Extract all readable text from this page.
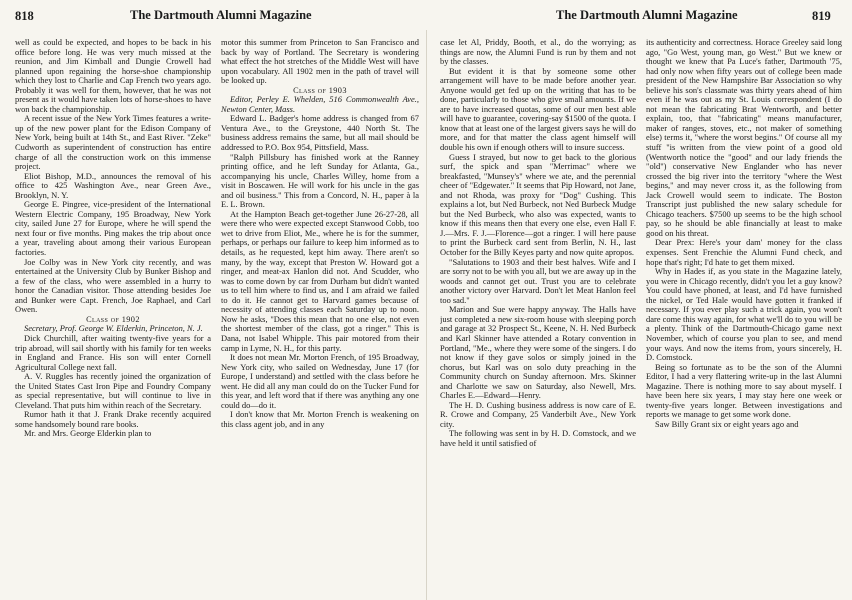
818	The Dartmouth Alumni Magazine

well as could be expected, and hopes to be back in his office before long. He was very much missed at the reunion, and Jim Kimball and Dungie Crowell had planned upon regaining the horse-shoe championship which they lost to Charlie and Cap French two years ago. Probably it was well for them, however, that he was not present as it would have taken lots of horse-shoes to have won back the championship.

A recent issue of the New York Times features a write-up of the new power plant for the Edison Company of New York, being built at 14th St., and East River. "Zeke" Cudworth as superintendent of construction has entire charge of all the construction work on this immense project.

Eliot Bishop, M.D., announces the removal of his office to 425 Washington Ave., near Green Ave., Brooklyn, N. Y.

George E. Pingree, vice-president of the International Western Electric Company, 195 Broadway, New York city, sailed June 27 for Europe, where he will spend the next four or five months. Ping makes the trip about once a year, traveling about among their various European factories.

Joe Colby was in New York city recently, and was entertained at the University Club by Bunker Bishop and a few of the class, who were assembled in a hurry to honor the Canadian visitor. Those attending besides Joe and Bunker were Capt. French, Joe Raphael, and Carl Owen.

Class of 1902

Secretary, Prof. George W. Elderkin, Princeton, N. J.

Dick Churchill, after waiting twenty-five years for a trip abroad, will sail shortly with his family for ten weeks in England and France. His son will enter Cornell Agricultural College next fall.

A. V. Ruggles has recently joined the organization of the United States Cast Iron Pipe and Foundry Company as special representative, but will continue to live in Cleveland. That puts him within reach of the Secretary.

Rumor hath it that J. Frank Drake recently acquired some handsomely bound rare books.

Mr. and Mrs. George Elderkin plan to

motor this summer from Princeton to San Francisco and back by way of Portland. The Secretary is wondering what effect the hot stretches of the Middle West will have upon vocabulary. All 1902 men in the path of travel will be looked up.

Class of 1903

Editor, Perley E. Whelden, 516 Commonwealth Ave., Newton Center, Mass.

Edward L. Badger's home address is changed from 67 Ventura Ave., to the Greystone, 440 North St. The business address remains the same, but all mail should be addressed to P.O. Box 954, Pittsfield, Mass.

"Ralph Pillsbury has finished work at the Ranney printing office, and he left Sunday for Atlanta, Ga., accompanying his uncle, Charles Willey, home from a visit in Boscawen. He will work for his uncle in the gas and oil business." This from a Concord, N. H., paper à la E. L. Brown.

At the Hampton Beach get-together June 26-27-28, all were there who were expected except Stanwood Cobb, too wet to drive from Eliot, Me., where he is for the summer, perhaps, or perhaps our failure to keep him informed as to details, as he requested, kept him away. There aren't so many, by the way, except that Preston W. Howard got a ringer, and meat-ax Hanlon did not. And Scudder, who was to come down by car from Durham but didn't wanted us to tell him where to find us, and I am afraid we failed to do it. He cannot get to Harvard games because of necessity of attending classes each Saturday up to noon. Now he asks, "Does this mean that no one else, not even the shortest member of the class, got a ringer." This is Dana, not Isabel Whipple. This pair motored from their camp in Lyme, N. H., for this party.

It does not mean Mr. Morton French, of 195 Broadway, New York city, who sailed on Wednesday, June 17 (for Europe, I understand) and settled with the class before he went. He did all any man could do on the Tucker Fund for this year, and left word that if there was anything any one could do—do it.

I don't know that Mr. Morton French is weakening on this class agent job, and in any

The Dartmouth Alumni Magazine	819

case let Al, Priddy, Booth, et al., do the worrying; as things are now, the Alumni Fund is run by them and not by the classes.

But evident it is that by someone some other arrangement will have to be made before another year. Anyone would get fed up on the writing that has to be done, particularly to those who give small amounts. If we are to have increased quotas, some of our men best able will have to guarantee, covering-say $1500 of the quota. I know that at least one of the largest givers says he will do more, and for that matter the class agent himself will double his own if enough others will to insure success.

Guess I strayed, but now to get back to the glorious surf, the spick and span "Merrimac" where we breakfasted, "Munsey's" where we ate, and the perennial cheer of "Edgewater." It seems that Pip Howard, not Jane, and not Rhoda, was proxy for "Dog" Cushing. This explains a lot, but Ned Burbeck, not Ned Burbeck Mudge but the Ned Burbeck, who also was expected, wants to know if this means then that every one else, even Hall F. J.—Mrs. F. J.—Florence—got a ringer. I will here pause to print the Burbeck card sent from Berlin, N. H., last October for the Billy Keyes party and now quite apropos.

"Salutations to 1903 and their best halves. Wife and I are sorry not to be with you all, but we are away up in the woods and cannot get out. Trust you are to celebrate another victory over Harvard. Don't let Meat Hanlon feel too sad."

Marion and Sue were happy anyway. The Halls have just completed a new six-room house with sleeping porch and garage at 32 Prospect St., Keene, N. H. Ned Burbeck and Karl Skinner have attended a Rotary convention in Portland, "Me., where they were some of the singers. I do not know if they gave solos or simply joined in the chorus, but Karl was on solo duty preaching in the Community church on Sunday afternoon. Mrs. Skinner and Charlotte we saw on Saturday, also Newell, Mrs. Charles E.—Edward—Henry.

The H. D. Cushing business address is now care of E. R. Crowe and Company, 25 Vanderbilt Ave., New York city.

The following was sent in by H. D. Comstock, and we have held it until satisfied of

its authenticity and correctness. Horace Greeley said long ago, "Go West, young man, go West." But we knew or thought we knew that Pa Luce's father, Dartmouth '75, had only now when fifty years out of college been made president of the New Hampshire Bar Association so why believe his son's classmate was thirty years ahead of him even if he was out as my St. Louis correspondent (I do not mean the fabricating Brat Wentworth, and better explain, too, that "fabricating" means manufacturer, maker of ranges, stoves, etc., not maker of something else) terms it, "where the worst begins." Of course all my stuff "is written from the view point of a good old (Wentworth notice the "good" and our lady friends the "old") conservative New Englander who has never crossed the big river into the territory "where the West begins," and may never cross it, as the following from Jack Crowell would seem to indicate. The Boston Transcript just published the new salary schedule for Chicago teachers. $7500 up seems to be the high school pay, so he should be able financially at least to make good on his threat.

Dear Prex: Here's your dam' money for the class expenses. Sent Frenchie the Alumni Fund check, and hope that's right; I'd hate to get them mixed.

Why in Hades if, as you state in the Magazine lately, you were in Chicago recently, didn't you let a guy know? You could have phoned, at least, and I'd have furnished the nickel, or Ted Hale would have gotten it franked if necessary. If you ever play such a trick again, you won't dare come this way again, for what we'll do to you will be a plenty. Think of the Dartmouth-Chicago game next November, which of course you plan to see, and mend your ways. And now the items from, yours sincerely, H. D. Comstock.

Being so fortunate as to be the son of the Alumni Editor, I had a very flattering write-up in the last Alumni Magazine. There is nothing more to say about myself. I have been here six years, I may stay here one week or twenty-five years longer. Between investigations and reports we manage to get some work done.

Saw Billy Grant six or eight years ago and
